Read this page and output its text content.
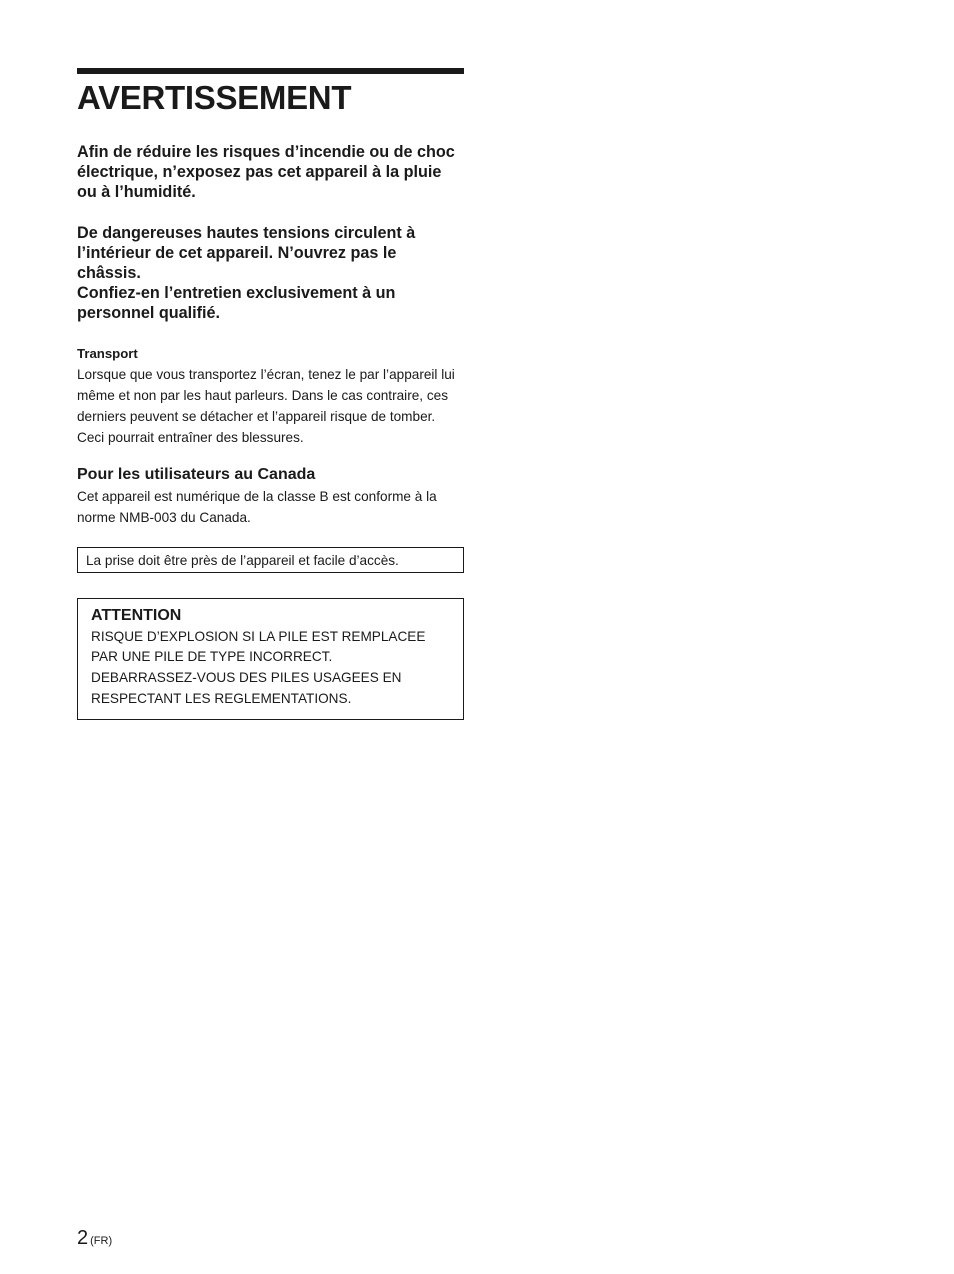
AVERTISSEMENT

Afin de réduire les risques d’incendie ou de choc électrique, n’exposez pas cet appareil à la pluie ou à l’humidité.

De dangereuses hautes tensions circulent à l’intérieur de cet appareil. N’ouvrez pas le châssis.

Confiez-en l’entretien exclusivement à un personnel qualifié.

Transport

Lorsque que vous transportez l’écran, tenez le par l’appareil lui même et non par les haut parleurs. Dans le cas contraire, ces derniers peuvent se détacher et l’appareil risque de tomber. Ceci pourrait entraîner des blessures.

Pour les utilisateurs au Canada

Cet appareil est numérique de la classe B est conforme à la norme NMB-003 du Canada.

La prise doit être près de l’appareil et facile d’accès.
ATTENTION
RISQUE D’EXPLOSION SI LA PILE EST REMPLACEE
PAR UNE PILE DE TYPE INCORRECT.
DEBARRASSEZ-VOUS DES PILES USAGEES EN
RESPECTANT LES REGLEMENTATIONS.
2 (FR)
